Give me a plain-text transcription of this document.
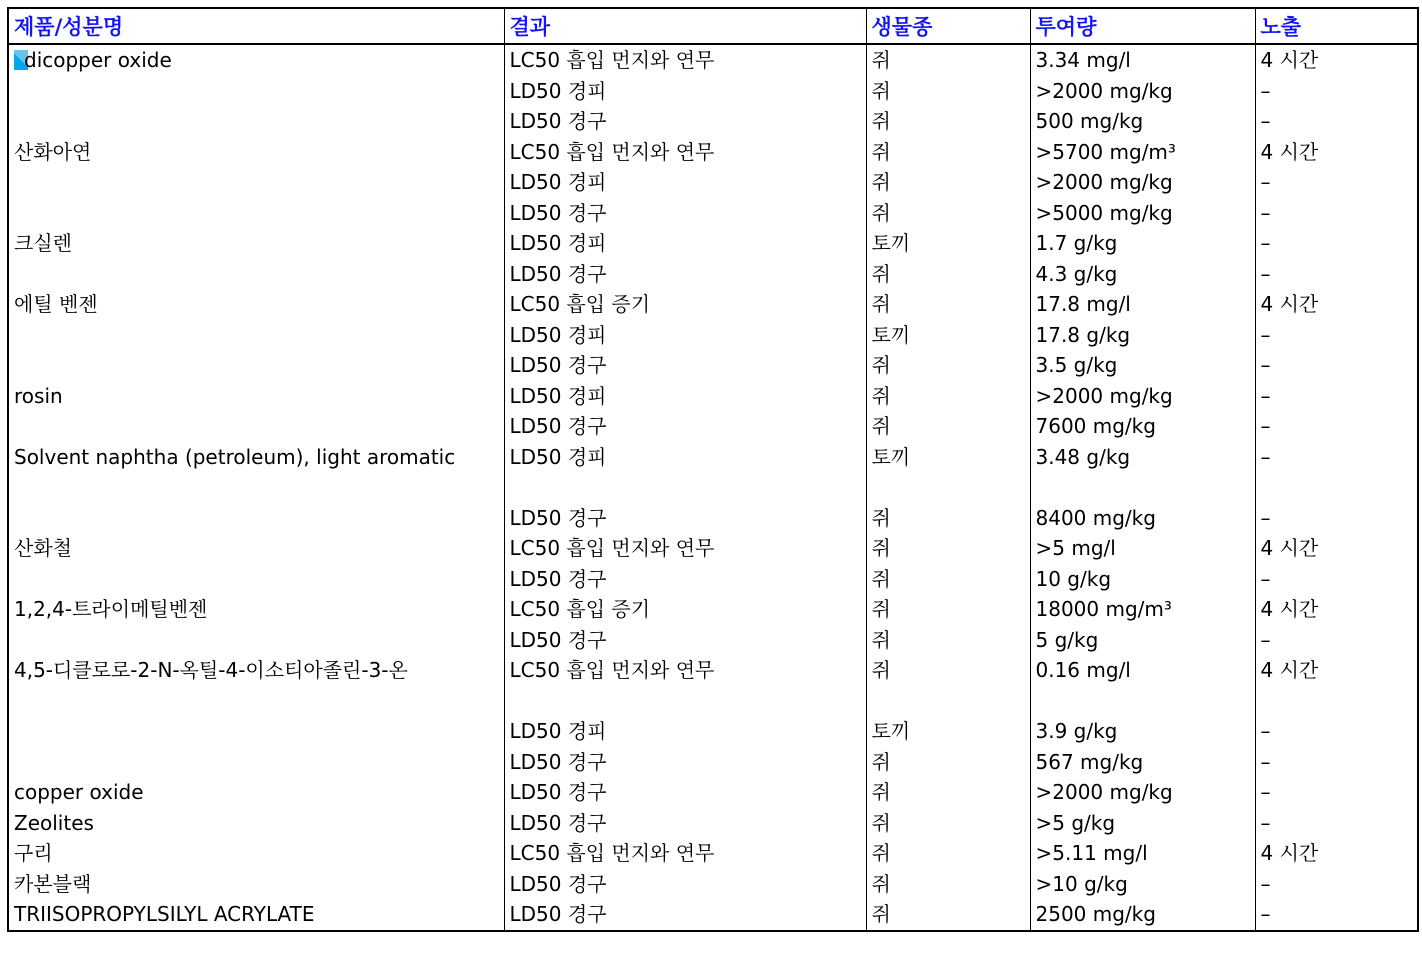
제품/성분명	결과	생물종	투여량	노출
dicopper oxide	LC50 흡입 먼지와 연무	쥐	3.34 mg/l	4 시간
	LD50 경피	쥐	>2000 mg/kg	–
	LD50 경구	쥐	500 mg/kg	–
산화아연	LC50 흡입 먼지와 연무	쥐	>5700 mg/m³	4 시간
	LD50 경피	쥐	>2000 mg/kg	–
	LD50 경구	쥐	>5000 mg/kg	–
크실렌	LD50 경피	토끼	1.7 g/kg	–
	LD50 경구	쥐	4.3 g/kg	–
에틸 벤젠	LC50 흡입 증기	쥐	17.8 mg/l	4 시간
	LD50 경피	토끼	17.8 g/kg	–
	LD50 경구	쥐	3.5 g/kg	–
rosin	LD50 경피	쥐	>2000 mg/kg	–
	LD50 경구	쥐	7600 mg/kg	–
Solvent naphtha (petroleum), light aromatic	LD50 경피	토끼	3.48 g/kg	–
	LD50 경구	쥐	8400 mg/kg	–
산화철	LC50 흡입 먼지와 연무	쥐	>5 mg/l	4 시간
	LD50 경구	쥐	10 g/kg	–
1,2,4-트라이메틸벤젠	LC50 흡입 증기	쥐	18000 mg/m³	4 시간
	LD50 경구	쥐	5 g/kg	–
4,5-디클로로-2-N-옥틸-4-이소티아졸린-3-온	LC50 흡입 먼지와 연무	쥐	0.16 mg/l	4 시간
	LD50 경피	토끼	3.9 g/kg	–
	LD50 경구	쥐	567 mg/kg	–
copper oxide	LD50 경구	쥐	>2000 mg/kg	–
Zeolites	LD50 경구	쥐	>5 g/kg	–
구리	LC50 흡입 먼지와 연무	쥐	>5.11 mg/l	4 시간
카본블랙	LD50 경구	쥐	>10 g/kg	–
TRIISOPROPYLSILYL ACRYLATE	LD50 경구	쥐	2500 mg/kg	–
